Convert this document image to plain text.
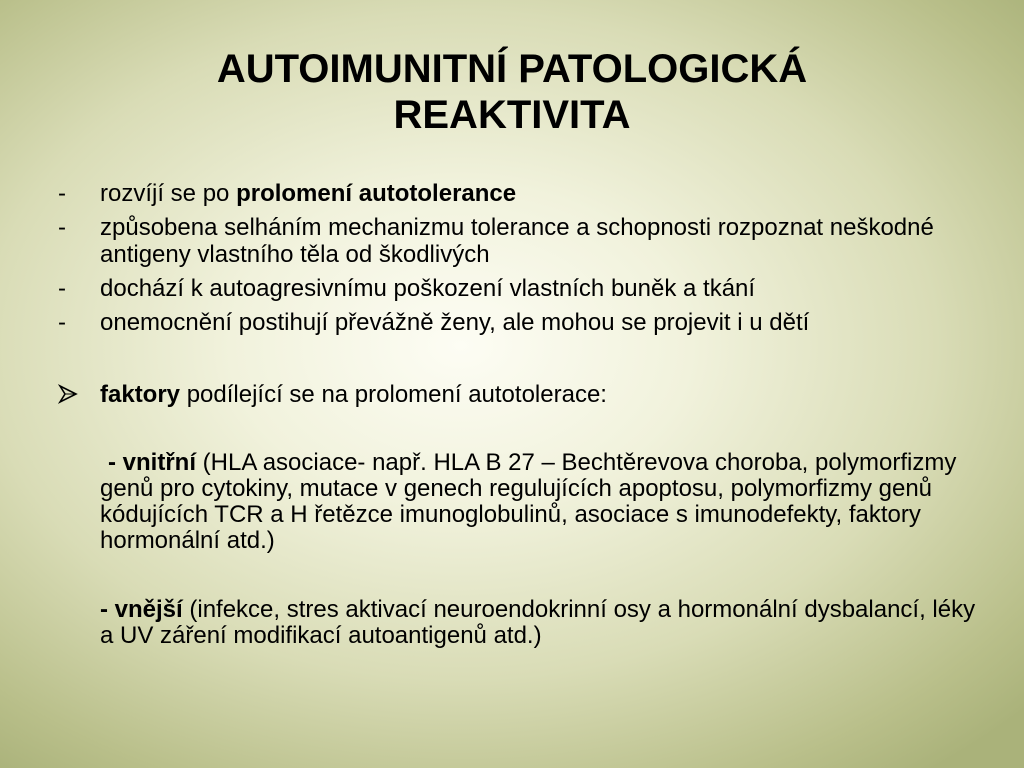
AUTOIMUNITNÍ PATOLOGICKÁ
REAKTIVITA
- rozvíjí se po prolomení autotolerance
- způsobena selháním mechanizmu tolerance a schopnosti rozpoznat neškodné antigeny vlastního těla od škodlivých
- dochází k autoagresivnímu poškození vlastních buněk a tkání
- onemocnění postihují převážně ženy, ale mohou se projevit i u dětí
faktory podílející se na prolomení autotolerace:
- vnitřní (HLA asociace- např. HLA B 27 – Bechtěrevova choroba, polymorfizmy genů pro cytokiny, mutace v genech regulujících apoptosu, polymorfizmy genů kódujících TCR a H řetězce imunoglobulinů, asociace s imunodefekty, faktory hormonální atd.)
- vnější (infekce, stres aktivací neuroendokrinní osy a hormonální dysbalancí, léky a UV záření modifikací autoantigenů atd.)
